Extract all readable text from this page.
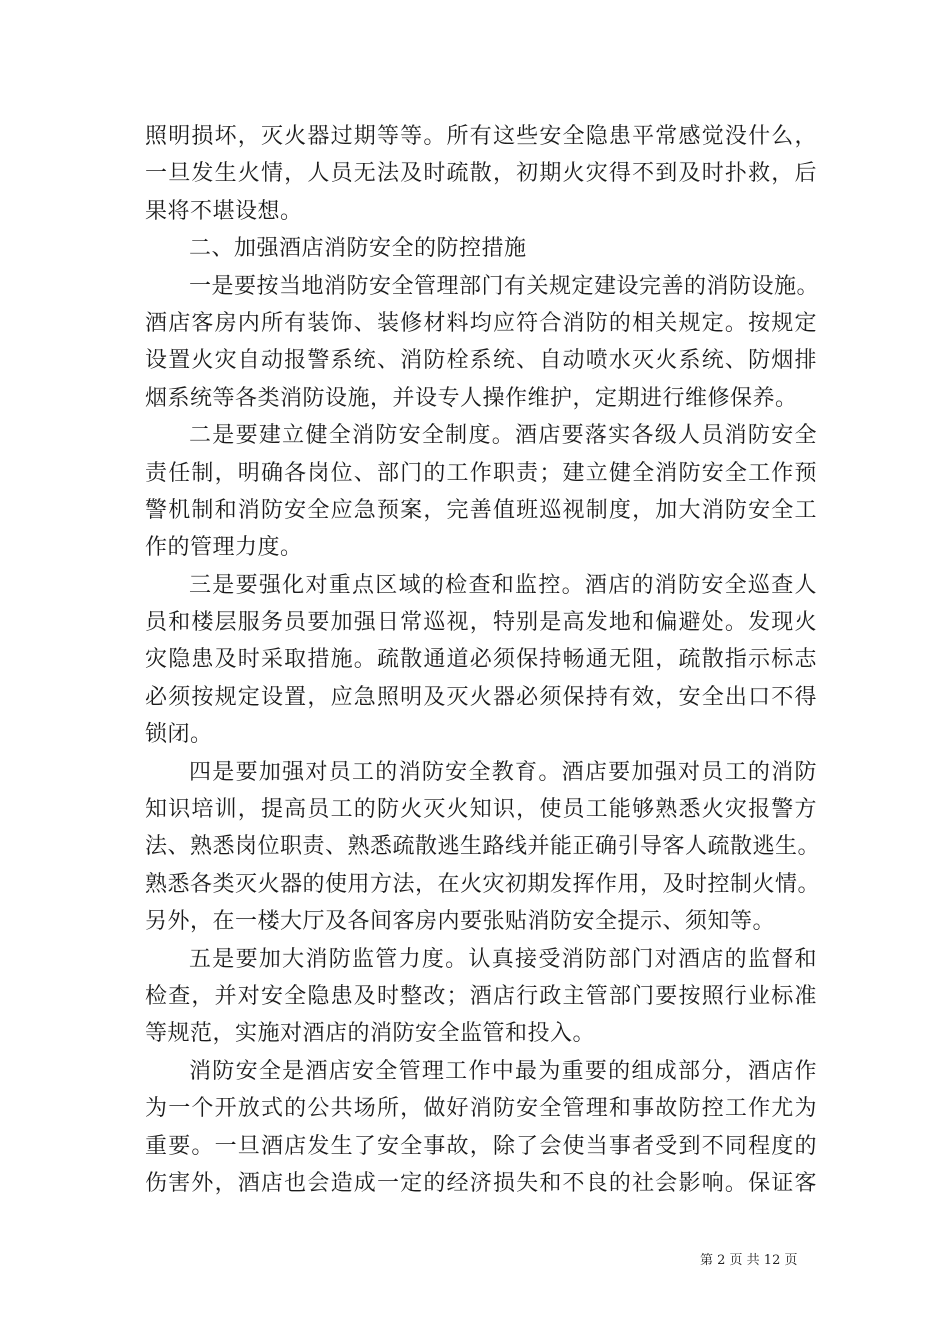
照明损坏，灭火器过期等等。所有这些安全隐患平常感觉没什么，
一旦发生火情，人员无法及时疏散，初期火灾得不到及时扑救，后
果将不堪设想。
二、加强酒店消防安全的防控措施
一是要按当地消防安全管理部门有关规定建设完善的消防设施。
酒店客房内所有装饰、装修材料均应符合消防的相关规定。按规定
设置火灾自动报警系统、消防栓系统、自动喷水灭火系统、防烟排
烟系统等各类消防设施，并设专人操作维护，定期进行维修保养。
二是要建立健全消防安全制度。酒店要落实各级人员消防安全
责任制，明确各岗位、部门的工作职责；建立健全消防安全工作预
警机制和消防安全应急预案，完善值班巡视制度，加大消防安全工
作的管理力度。
三是要强化对重点区域的检查和监控。酒店的消防安全巡查人
员和楼层服务员要加强日常巡视，特别是高发地和偏避处。发现火
灾隐患及时采取措施。疏散通道必须保持畅通无阻，疏散指示标志
必须按规定设置，应急照明及灭火器必须保持有效，安全出口不得
锁闭。
四是要加强对员工的消防安全教育。酒店要加强对员工的消防
知识培训，提高员工的防火灭火知识，使员工能够熟悉火灾报警方
法、熟悉岗位职责、熟悉疏散逃生路线并能正确引导客人疏散逃生。
熟悉各类灭火器的使用方法，在火灾初期发挥作用，及时控制火情。
另外，在一楼大厅及各间客房内要张贴消防安全提示、须知等。
五是要加大消防监管力度。认真接受消防部门对酒店的监督和
检查，并对安全隐患及时整改；酒店行政主管部门要按照行业标准
等规范，实施对酒店的消防安全监管和投入。
消防安全是酒店安全管理工作中最为重要的组成部分，酒店作
为一个开放式的公共场所，做好消防安全管理和事故防控工作尤为
重要。一旦酒店发生了安全事故，除了会使当事者受到不同程度的
伤害外，酒店也会造成一定的经济损失和不良的社会影响。保证客
第 2 页 共 12 页
